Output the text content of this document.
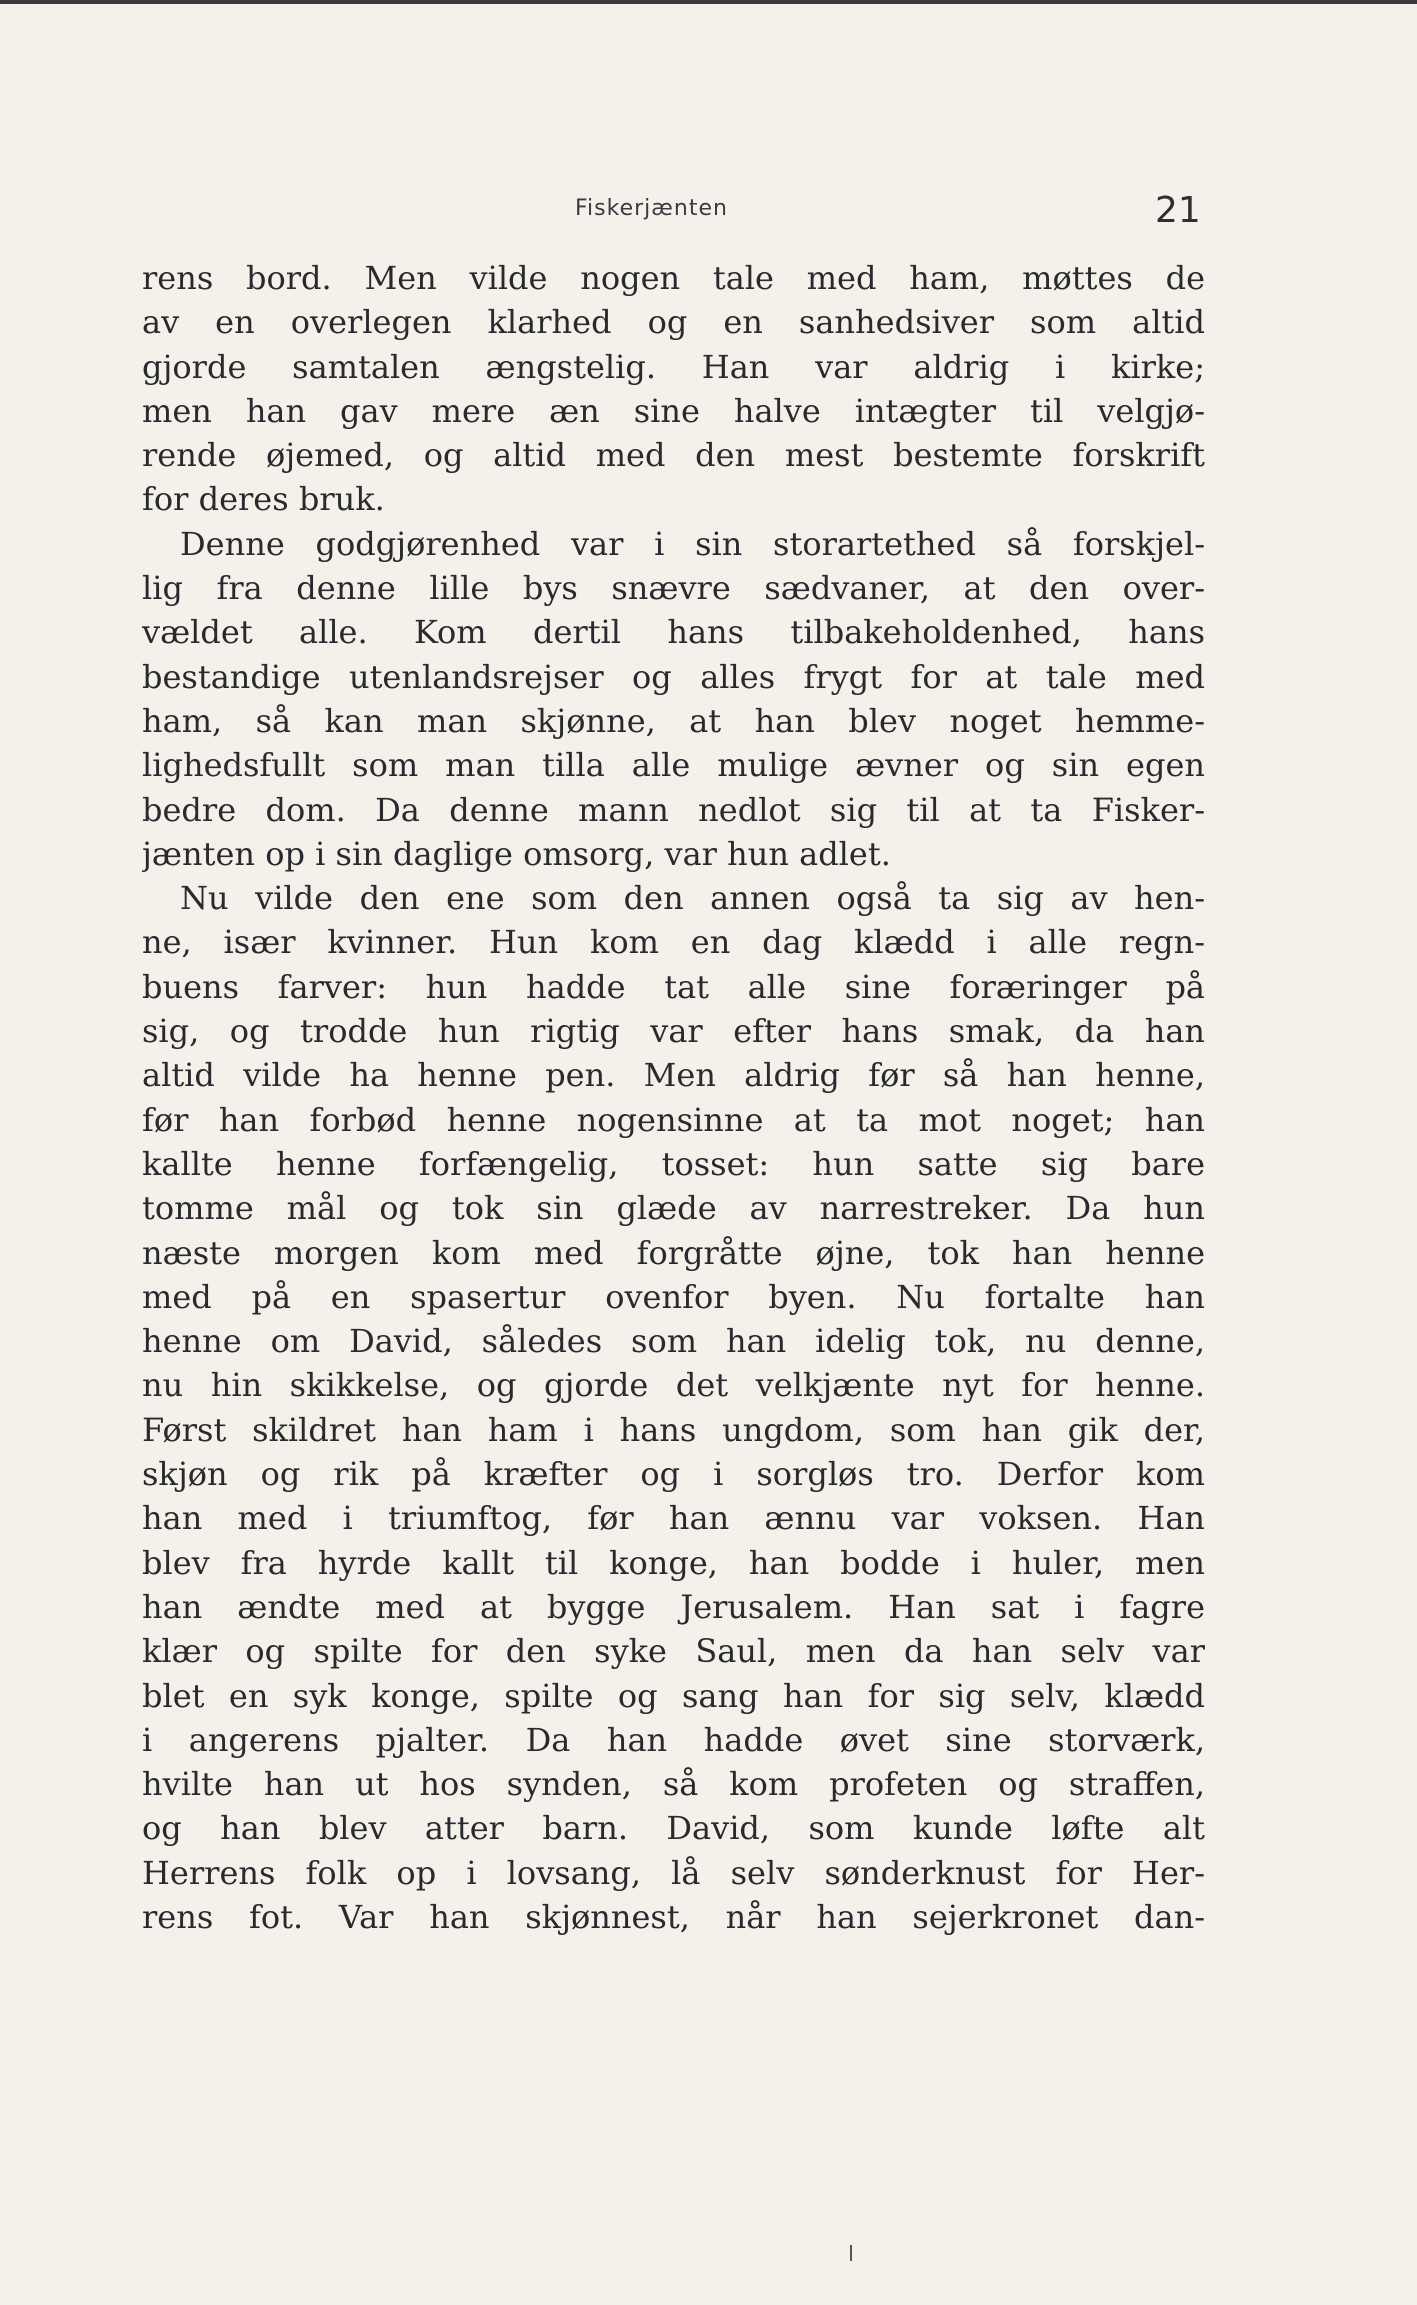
Fiskerjænten	21
rens bord. Men vilde nogen tale med ham, møttes de
av en overlegen klarhed og en sanhedsiver som altid
gjorde samtalen ængstelig. Han var aldrig i kirke;
men han gav mere æn sine halve intægter til velgjø-
rende øjemed, og altid med den mest bestemte forskrift
for deres bruk.
Denne godgjørenhed var i sin storartethed så forskjel-
lig fra denne lille bys snævre sædvaner, at den over-
vældet alle. Kom dertil hans tilbakeholdenhed, hans
bestandige utenlandsrejser og alles frygt for at tale med
ham, så kan man skjønne, at han blev noget hemme-
lighedsfullt som man tilla alle mulige ævner og sin egen
bedre dom. Da denne mann nedlot sig til at ta Fisker-
jænten op i sin daglige omsorg, var hun adlet.
Nu vilde den ene som den annen også ta sig av hen-
ne, især kvinner. Hun kom en dag klædd i alle regn-
buens farver: hun hadde tat alle sine foræringer på
sig, og trodde hun rigtig var efter hans smak, da han
altid vilde ha henne pen. Men aldrig før så han henne,
før han forbød henne nogensinne at ta mot noget; han
kallte henne forfængelig, tosset: hun satte sig bare
tomme mål og tok sin glæde av narrestreker. Da hun
næste morgen kom med forgråtte øjne, tok han henne
med på en spasertur ovenfor byen. Nu fortalte han
henne om David, således som han idelig tok, nu denne,
nu hin skikkelse, og gjorde det velkjænte nyt for henne.
Først skildret han ham i hans ungdom, som han gik der,
skjøn og rik på kræfter og i sorgløs tro. Derfor kom
han med i triumftog, før han ænnu var voksen. Han
blev fra hyrde kallt til konge, han bodde i huler, men
han ændte med at bygge Jerusalem. Han sat i fagre
klær og spilte for den syke Saul, men da han selv var
blet en syk konge, spilte og sang han for sig selv, klædd
i angerens pjalter. Da han hadde øvet sine storværk,
hvilte han ut hos synden, så kom profeten og straffen,
og han blev atter barn. David, som kunde løfte alt
Herrens folk op i lovsang, lå selv sønderknust for Her-
rens fot. Var han skjønnest, når han sejerkronet dan-
